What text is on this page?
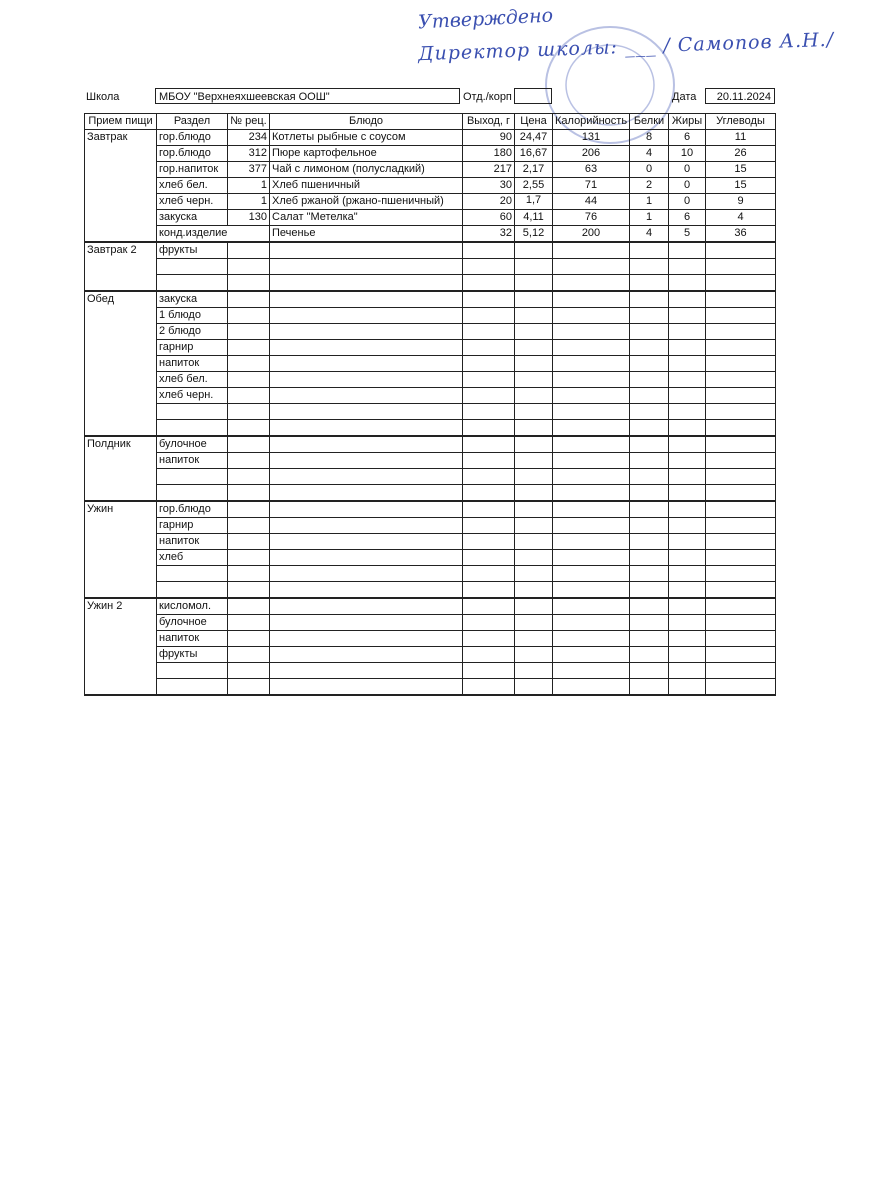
Утверждено
Директор школы: ___ / Самопов А.Н./
Школа	МБОУ "Верхнеяхшеевская ООШ"	Отд./корп	Дата	20.11.2024
Прием пищи	Раздел	№ рец.	Блюдо	Выход, г	Цена	Калорийность	Белки	Жиры	Углеводы
Завтрак	гор.блюдо	234	Котлеты рыбные с соусом	90	24,47	131	8	6	11
	гор.блюдо	312	Пюре картофельное	180	16,67	206	4	10	26
	гор.напиток	377	Чай с лимоном (полусладкий)	217	2,17	63	0	0	15
	хлеб бел.	1	Хлеб пшеничный	30	2,55	71	2	0	15
	хлеб черн.	1	Хлеб ржаной (ржано-пшеничный)	20	1,7	44	1	0	9
	закуска	130	Салат "Метелка"	60	4,11	76	1	6	4
	конд.изделие		Печенье	32	5,12	200	4	5	36
Завтрак 2	фрукты								

Обед	закуска								
	1 блюдо								
	2 блюдо								
	гарнир								
	напиток								
	хлеб бел.								
	хлеб черн.								

Полдник	булочное								
	напиток								

Ужин	гор.блюдо								
	гарнир								
	напиток								
	хлеб								

Ужин 2	кисломол.								
	булочное								
	напиток								
	фрукты								
